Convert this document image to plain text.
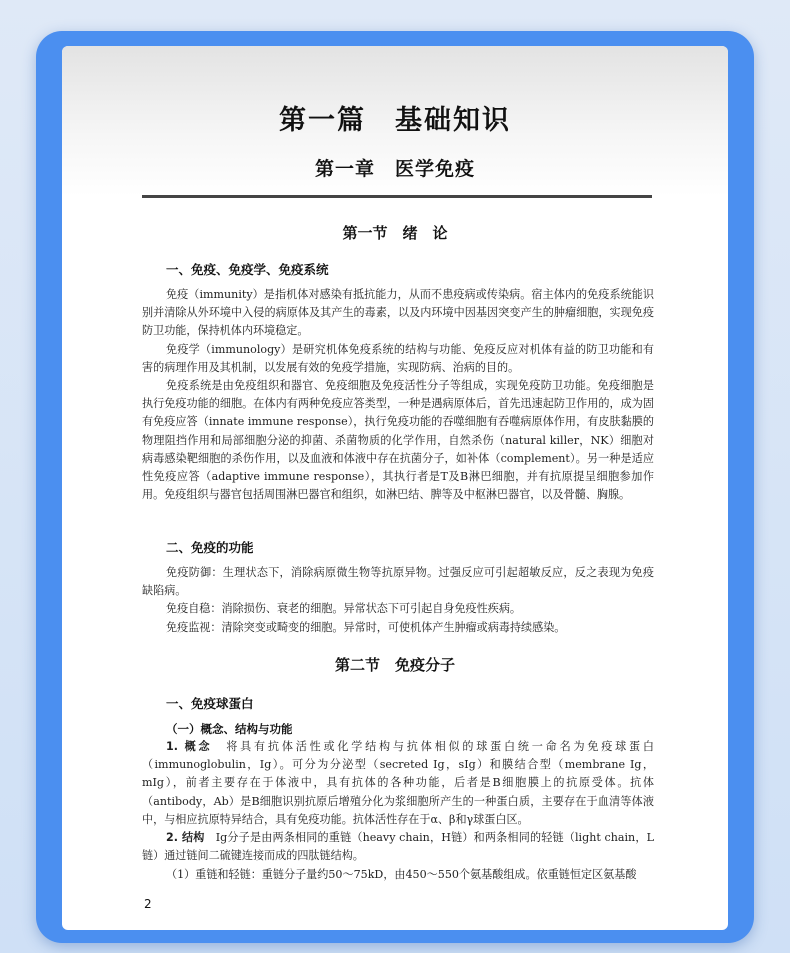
第一篇　基础知识
第一章　医学免疫
第一节　绪　论
一、免疫、免疫学、免疫系统

免疫（immunity）是指机体对感染有抵抗能力，从而不患疫病或传染病。宿主体内的免疫系统能识别并清除从外环境中入侵的病原体及其产生的毒素，以及内环境中因基因突变产生的肿瘤细胞，实现免疫防卫功能，保持机体内环境稳定。

免疫学（immunology）是研究机体免疫系统的结构与功能、免疫反应对机体有益的防卫功能和有害的病理作用及其机制，以发展有效的免疫学措施，实现防病、治病的目的。

免疫系统是由免疫组织和器官、免疫细胞及免疫活性分子等组成，实现免疫防卫功能。免疫细胞是执行免疫功能的细胞。在体内有两种免疫应答类型，一种是遇病原体后，首先迅速起防卫作用的，成为固有免疫应答（innate immune response），执行免疫功能的吞噬细胞有吞噬病原体作用，有皮肤黏膜的物理阻挡作用和局部细胞分泌的抑菌、杀菌物质的化学作用，自然杀伤（natural killer，NK）细胞对病毒感染靶细胞的杀伤作用，以及血液和体液中存在抗菌分子，如补体（complement）。另一种是适应性免疫应答（adaptive immune response），其执行者是T及B淋巴细胞，并有抗原提呈细胞参加作用。免疫组织与器官包括周围淋巴器官和组织，如淋巴结、脾等及中枢淋巴器官，以及骨髓、胸腺。

二、免疫的功能

免疫防御：生理状态下，消除病原微生物等抗原异物。过强反应可引起超敏反应，反之表现为免疫缺陷病。

免疫自稳：消除损伤、衰老的细胞。异常状态下可引起自身免疫性疾病。

免疫监视：清除突变或畸变的细胞。异常时，可使机体产生肿瘤或病毒持续感染。

第二节　免疫分子
一、免疫球蛋白
（一）概念、结构与功能

1. 概念　 将具有抗体活性或化学结构与抗体相似的球蛋白统一命名为免疫球蛋白（immunoglobulin，Ig）。可分为分泌型（secreted Ig，sIg）和膜结合型（membrane Ig，mIg），前者主要存在于体液中，具有抗体的各种功能，后者是B细胞膜上的抗原受体。抗体（antibody，Ab）是B细胞识别抗原后增殖分化为浆细胞所产生的一种蛋白质，主要存在于血清等体液中，与相应抗原特异结合，具有免疫功能。抗体活性存在于α、β和γ球蛋白区。

2. 结构　 Ig分子是由两条相同的重链（heavy chain，H链）和两条相同的轻链（light chain，L链）通过链间二硫键连接而成的四肽链结构。

（1）重链和轻链：重链分子量约50～75kD，由450～550个氨基酸组成。依重链恒定区氨基酸

2
